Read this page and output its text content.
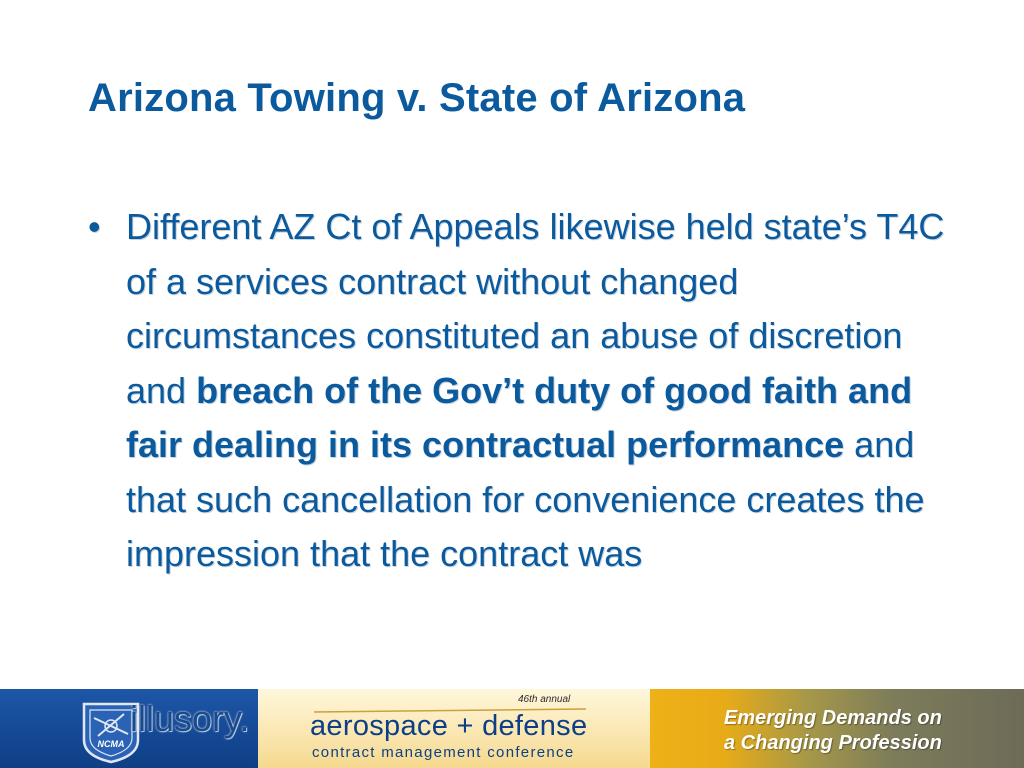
Arizona Towing v. State of Arizona
• Different AZ Ct of Appeals likewise held state’s T4C of a services contract without changed circumstances constituted an abuse of discretion and breach of the Gov’t duty of good faith and fair dealing in its contractual performance and that such cancellation for convenience creates the impression that the contract was
Emerging Demands on
a Changing Profession
NCMA
illusory.	46th annual
aerospace + defense
contract management conference
